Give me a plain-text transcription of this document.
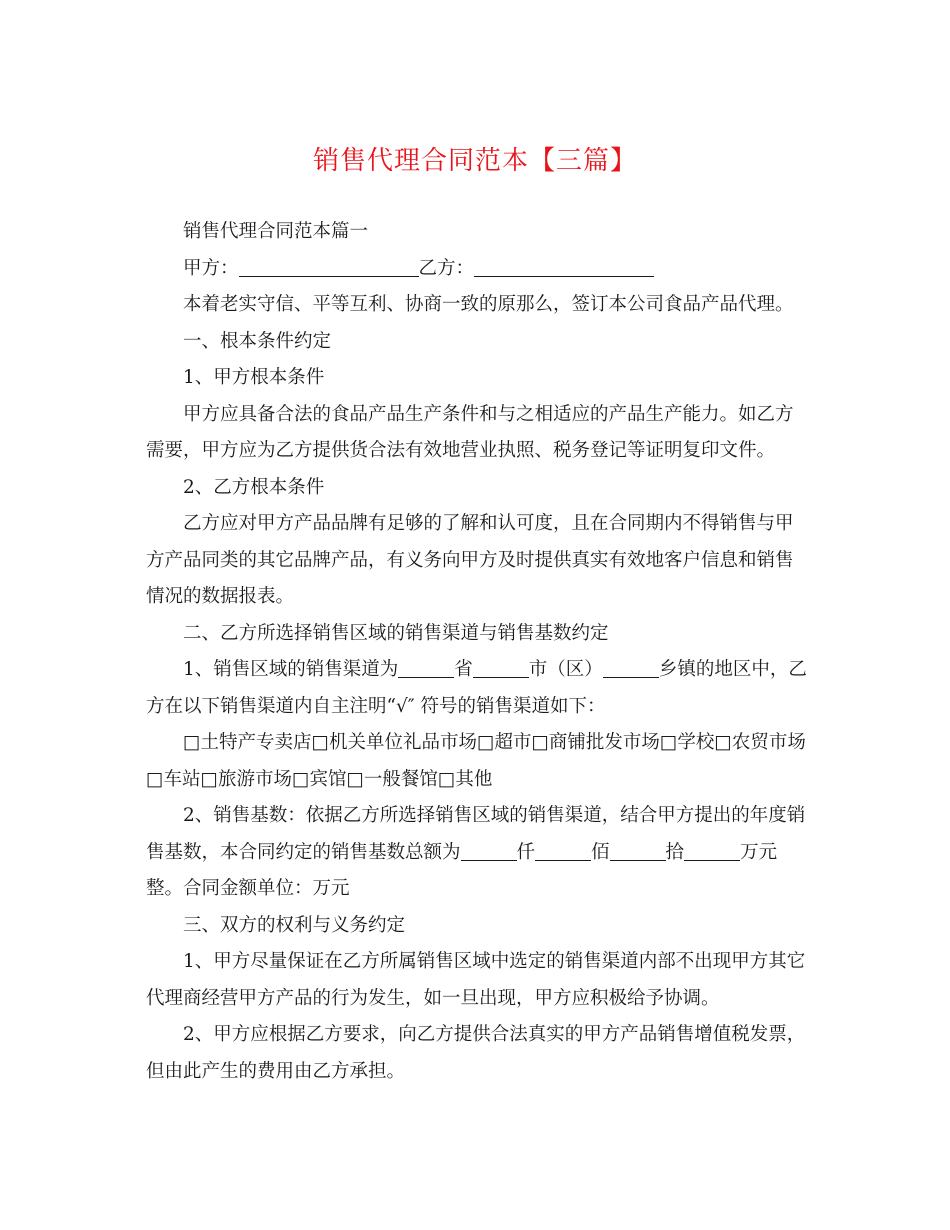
销售代理合同范本【三篇】

销售代理合同范本篇一

甲方：	乙方：

本着老实守信、平等互利、协商一致的原那么，签订本公司食品产品代理。

一、根本条件约定

1、甲方根本条件

甲方应具备合法的食品产品生产条件和与之相适应的产品生产能力。如乙方需要，甲方应为乙方提供货合法有效地营业执照、税务登记等证明复印文件。

2、乙方根本条件

乙方应对甲方产品品牌有足够的了解和认可度，且在合同期内不得销售与甲方产品同类的其它品牌产品，有义务向甲方及时提供真实有效地客户信息和销售情况的数据报表。

二、乙方所选择销售区域的销售渠道与销售基数约定

1、销售区域的销售渠道为	省	市（区）	乡镇的地区中，乙方在以下销售渠道内自主注明“√″ 符号的销售渠道如下：

□土特产专卖店□机关单位礼品市场□超市□商铺批发市场□学校□农贸市场□车站□旅游市场□宾馆□一般餐馆□其他

2、销售基数：依据乙方所选择销售区域的销售渠道，结合甲方提出的年度销售基数，本合同约定的销售基数总额为	仟	佰	拾	万元整。合同金额单位：万元

三、双方的权利与义务约定

1、甲方尽量保证在乙方所属销售区域中选定的销售渠道内部不出现甲方其它代理商经营甲方产品的行为发生，如一旦出现，甲方应积极给予协调。

2、甲方应根据乙方要求，向乙方提供合法真实的甲方产品销售增值税发票，但由此产生的费用由乙方承担。
